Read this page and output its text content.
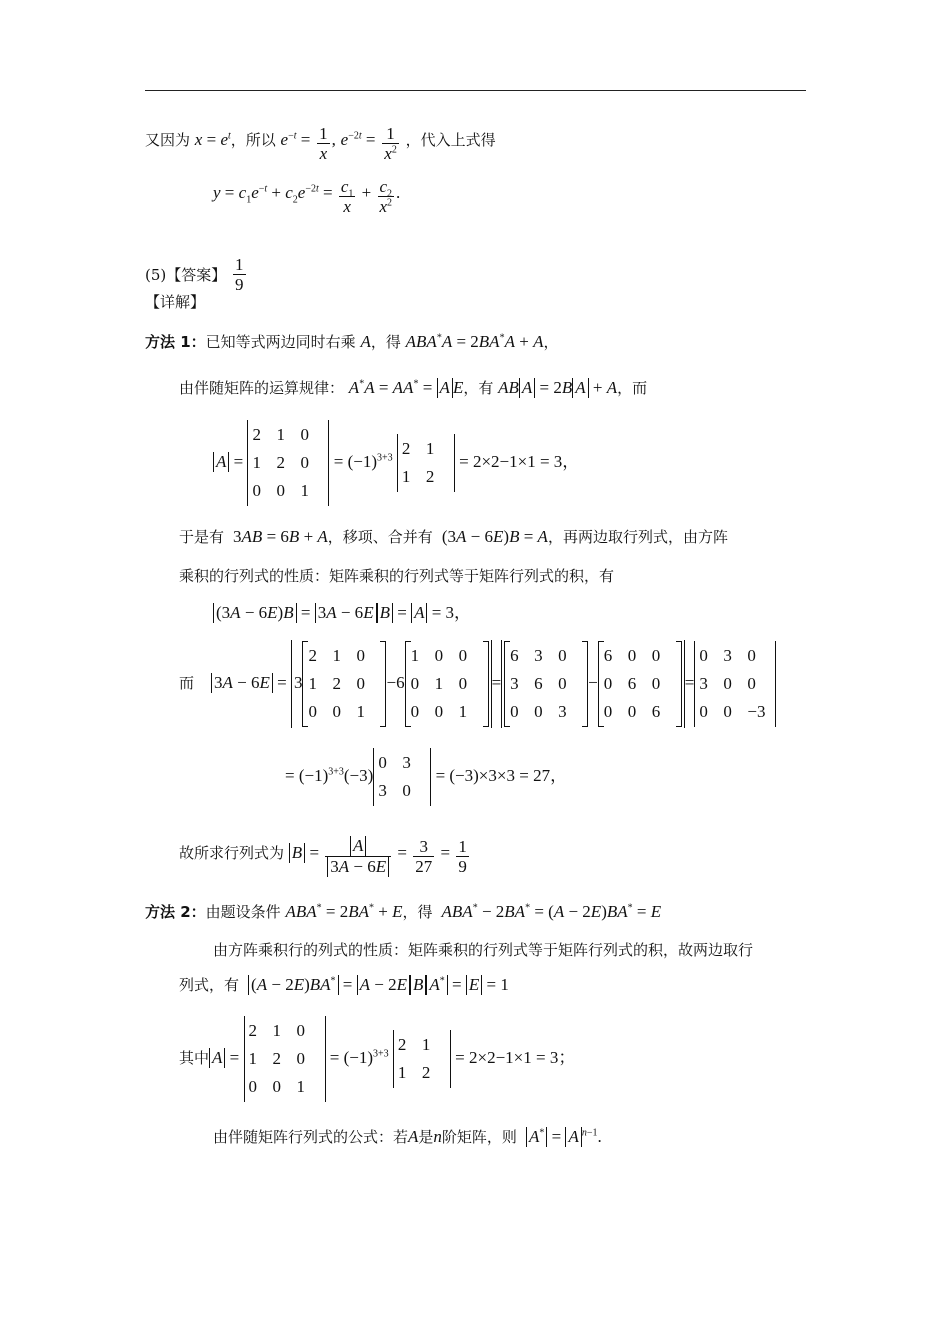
又因为 $x = e^t$，所以 $e^{-t} = \frac{1}{x}$ , $e^{-2t} = \frac{1}{x^2}$ ，代入上式得
$y = c_1e^{-t} + c_2e^{-2t} = \frac{c_1}{x} + \frac{c_2}{x^2}$ .
(5)【答案】 $\frac{1}{9}$
【详解】
方法 1：已知等式两边同时右乘 A，得 ABA*A = 2BA*A + A，
由伴随矩阵的运算规律： A*A = AA* = A E，有 AB A = 2B A + A，而
A =
2 1 0
1 2 0
0 0 1
= $(-1)^{3+3}$ 2 1
1 2
= 2×2−1×1 = 3，
于是有  3AB = 6B + A，移项、合并有  (3A − 6E)B = A，再两边取行列式，由方阵
乘积的行列式的性质：矩阵乘积的行列式等于矩阵行列式的积，有
(3A − 6E)B = 3A − 6E B = A = 3，
而 3A − 6E = 3
2 1 0
1 2 0
0 0 1
−6
1 0 0
0 1 0
0 0 1
=
6 3 0
3 6 0
0 0 3
−
6 0 0
0 6 0
0 0 6
=
0 3 0
3 0 0
0 0 −3
= $(-1)^{3+3}(-3)$
0 3
3 0
= (−3)×3×3 = 27，
故所求行列式为 $B = \frac{A}{3A - 6E} = \frac{3}{27} = \frac{1}{9}$
方法 2：由题设条件 ABA* = 2BA* + E，得 ABA* − 2BA* = (A − 2E)BA* = E
由方阵乘积行的列式的性质：矩阵乘积的行列式等于矩阵行列式的积，故两边取行
列式，有 (A − 2E)BA* = A − 2E B A* = E = 1
其中 A =
2 1 0
1 2 0
0 0 1
= $(-1)^{3+3}$ 2 1
1 2
= 2×2−1×1 = 3；
由伴随矩阵行列式的公式：若A是n阶矩阵，则 A* = A $^{n-1}$.
